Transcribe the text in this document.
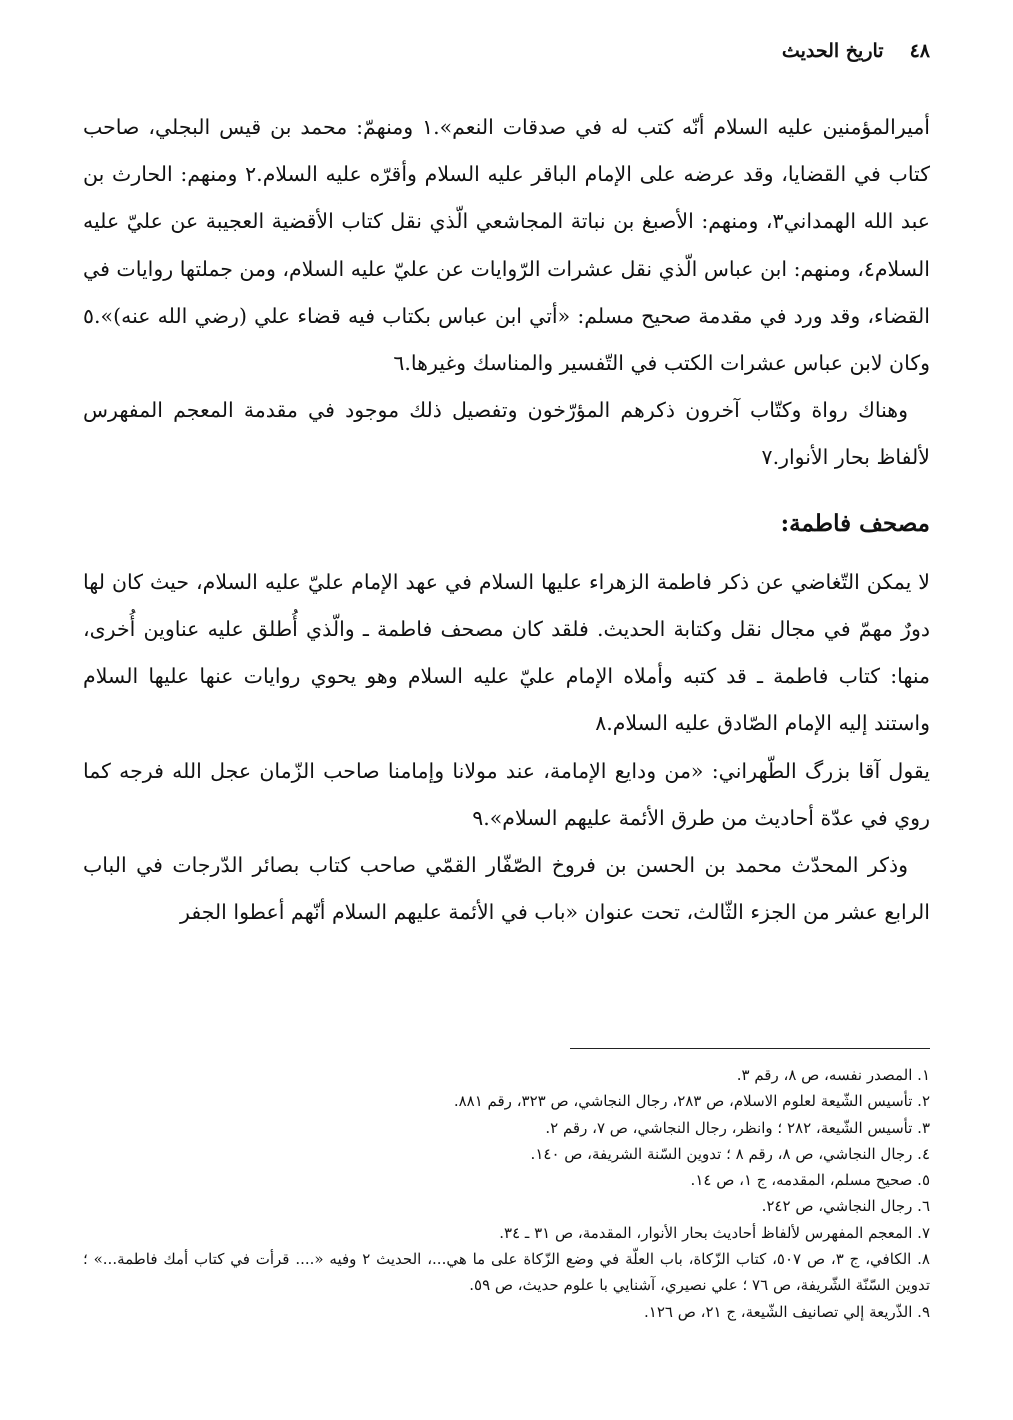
٤٨
تاريخ الحديث

أميرالمؤمنين عليه السلام أنّه كتب له في صدقات النعم».١ ومنهمّ: محمد بن قيس البجلي، صاحب كتاب في القضايا، وقد عرضه على الإمام الباقر عليه السلام وأقرّه عليه السلام.٢ ومنهم: الحارث بن عبد الله الهمداني٣، ومنهم: الأصبغ بن نباتة المجاشعي الّذي نقل كتاب الأقضية العجيبة عن عليّ عليه السلام٤، ومنهم: ابن عباس الّذي نقل عشرات الرّوايات عن عليّ عليه السلام، ومن جملتها روايات في القضاء، وقد ورد في مقدمة صحيح مسلم: «أتي ابن عباس بكتاب فيه قضاء علي (رضي الله عنه)».٥ وكان لابن عباس عشرات الكتب في التّفسير والمناسك وغيرها.٦

وهناك رواة وكتّاب آخرون ذكرهم المؤرّخون وتفصيل ذلك موجود في مقدمة المعجم المفهرس لألفاظ بحار الأنوار.٧

مصحف فاطمة:

لا يمكن التّغاضي عن ذكر فاطمة الزهراء عليها السلام في عهد الإمام عليّ عليه السلام، حيث كان لها دورٌ مهمّ في مجال نقل وكتابة الحديث. فلقد كان مصحف فاطمة ـ والّذي أُطلق عليه عناوين أُخرى، منها: كتاب فاطمة ـ قد كتبه وأملاه الإمام عليّ عليه السلام وهو يحوي روايات عنها عليها السلام واستند إليه الإمام الصّادق عليه السلام.٨

يقول آقا بزرگ الطّهراني: «من ودايع الإمامة، عند مولانا وإمامنا صاحب الزّمان عجل الله فرجه كما روي في عدّة أحاديث من طرق الأئمة عليهم السلام».٩

وذكر المحدّث محمد بن الحسن بن فروخ الصّفّار القمّي صاحب كتاب بصائر الدّرجات في الباب الرابع عشر من الجزء الثّالث، تحت عنوان «باب في الأئمة عليهم السلام أنّهم أعطوا الجفر

١. المصدر نفسه، ص ٨، رقم ٣.

٢. تأسيس الشّيعة لعلوم الاسلام، ص ٢٨٣، رجال النجاشي، ص ٣٢٣، رقم ٨٨١.

٣. تأسيس الشّيعة، ٢٨٢ ؛ وانظر، رجال النجاشي، ص ٧، رقم ٢.

٤. رجال النجاشي، ص ٨، رقم ٨ ؛ تدوين السّنة الشريفة، ص ١٤٠.

٥. صحيح مسلم، المقدمه، ج ١، ص ١٤.

٦. رجال النجاشي، ص ٢٤٢.

٧. المعجم المفهرس لألفاظ أحاديث بحار الأنوار، المقدمة، ص ٣١ ـ ٣٤.

٨. الكافي، ج ٣، ص ٥٠٧، كتاب الزّكاة، باب العلّة في وضع الزّكاة على ما هي...، الحديث ٢ وفيه «.... قرأت في كتاب أمك فاطمة...» ؛ تدوين السّنّة الشّريفة، ص ٧٦ ؛ علي نصيري، آشنايي با علوم حديث، ص ٥٩.

٩. الذّريعة إلي تصانيف الشّيعة، ج ٢١، ص ١٢٦.
